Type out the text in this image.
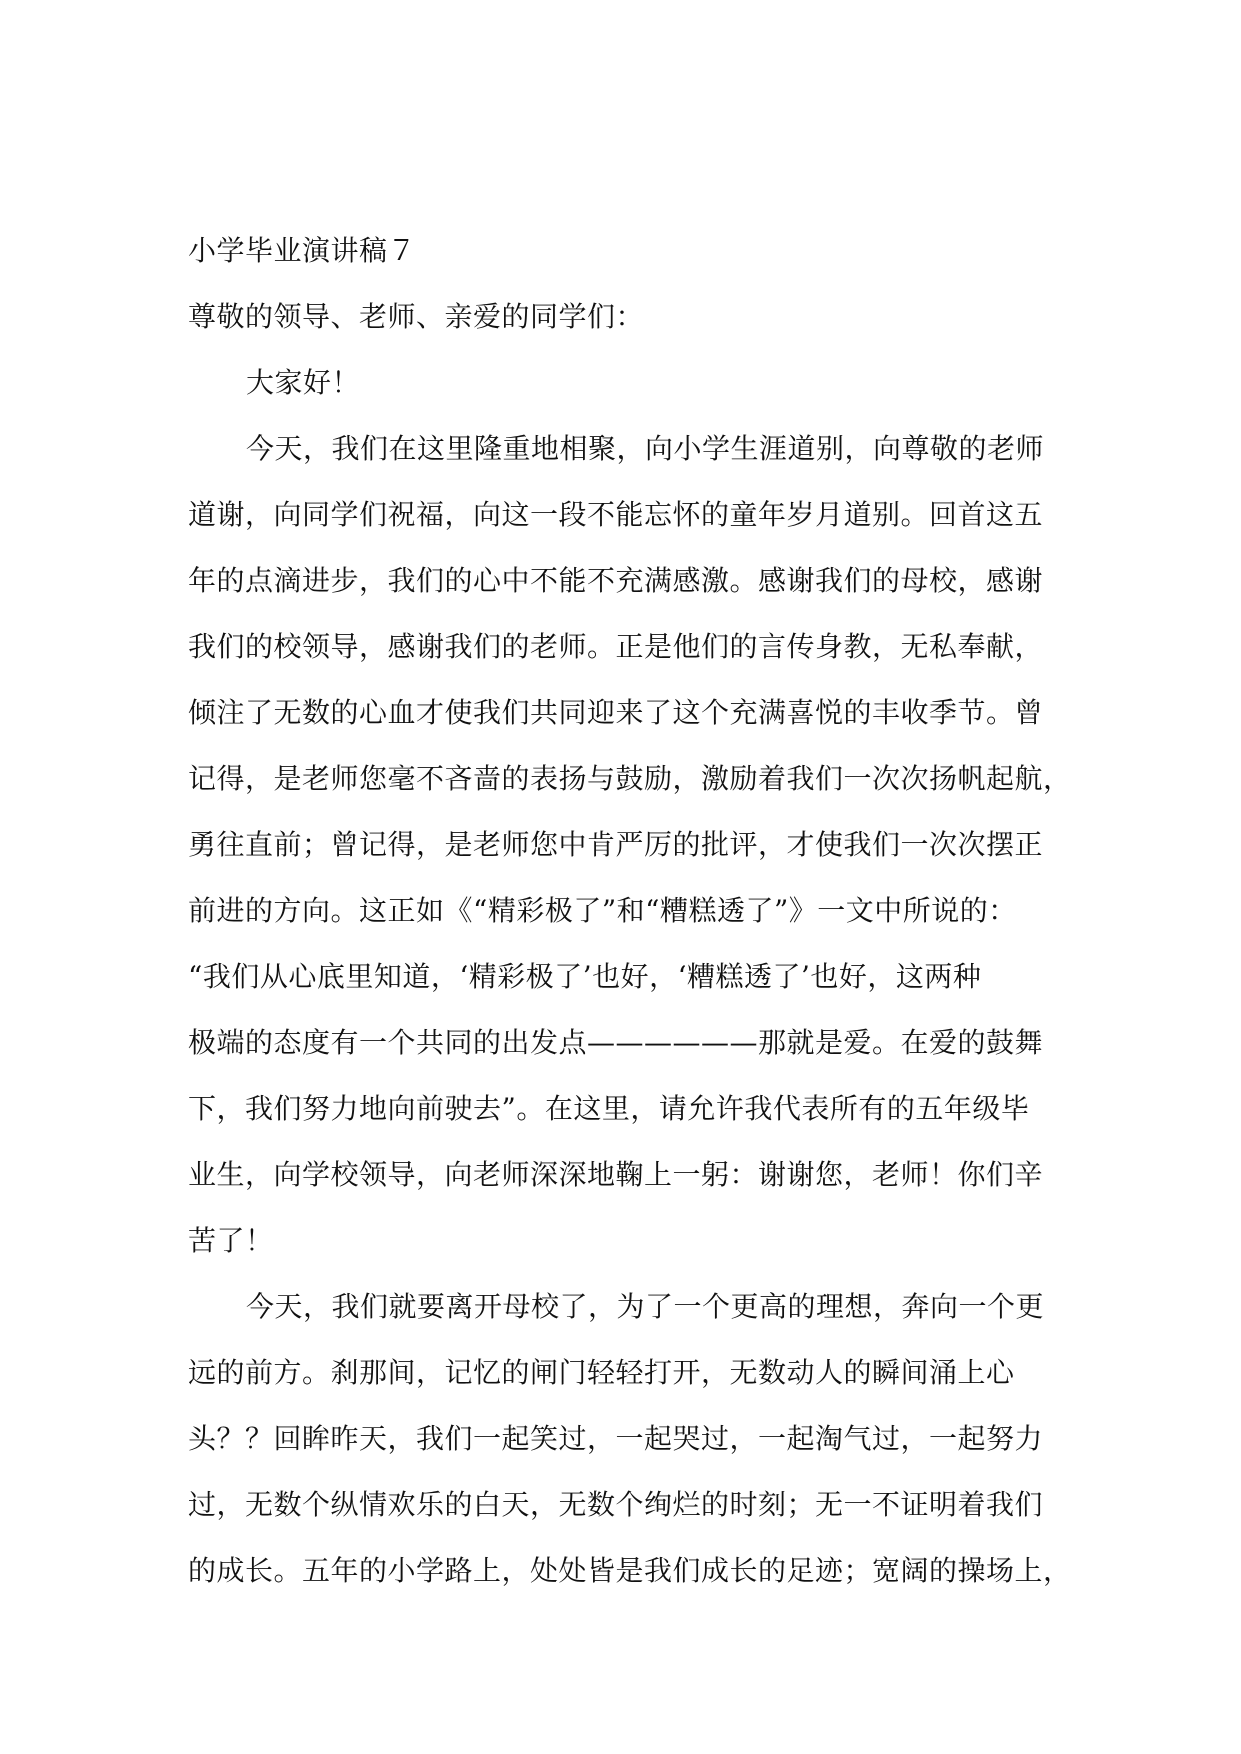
小学毕业演讲稿７
尊敬的领导、老师、亲爱的同学们：
大家好！
今天，我们在这里隆重地相聚，向小学生涯道别，向尊敬的老师
道谢，向同学们祝福，向这一段不能忘怀的童年岁月道别。回首这五
年的点滴进步，我们的心中不能不充满感激。感谢我们的母校，感谢
我们的校领导，感谢我们的老师。正是他们的言传身教，无私奉献，
倾注了无数的心血才使我们共同迎来了这个充满喜悦的丰收季节。曾
记得，是老师您毫不吝啬的表扬与鼓励，激励着我们一次次扬帆起航，
勇往直前；曾记得，是老师您中肯严厉的批评，才使我们一次次摆正
前进的方向。这正如《“精彩极了”和“糟糕透了”》一文中所说的：
“我们从心底里知道，‘精彩极了’也好，‘糟糕透了’也好，这两种
极端的态度有一个共同的出发点——————那就是爱。在爱的鼓舞
下，我们努力地向前驶去”。在这里，请允许我代表所有的五年级毕
业生，向学校领导，向老师深深地鞠上一躬：谢谢您，老师！你们辛
苦了！
今天，我们就要离开母校了，为了一个更高的理想，奔向一个更
远的前方。刹那间，记忆的闸门轻轻打开，无数动人的瞬间涌上心
头？？回眸昨天，我们一起笑过，一起哭过，一起淘气过，一起努力
过，无数个纵情欢乐的白天，无数个绚烂的时刻；无一不证明着我们
的成长。五年的小学路上，处处皆是我们成长的足迹；宽阔的操场上，
